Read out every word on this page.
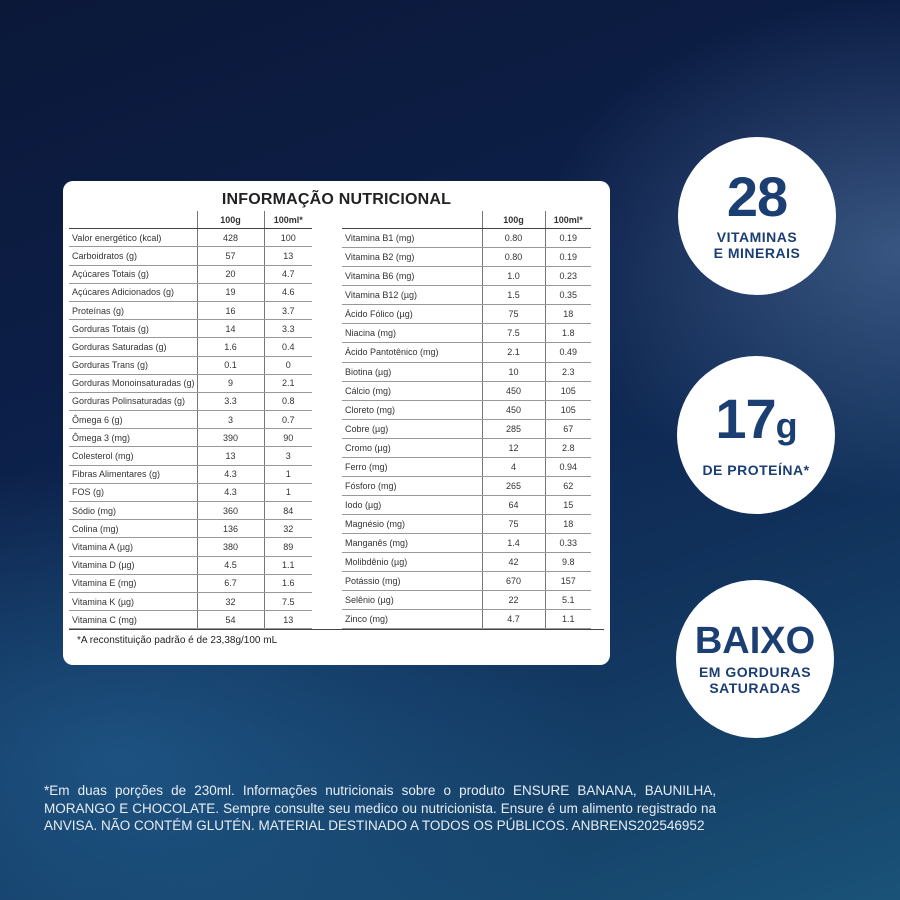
INFORMAÇÃO NUTRICIONAL
	100g	100ml*
Valor energético (kcal)	428	100
Carboidratos (g)	57	13
Açúcares Totais (g)	20	4.7
Açúcares Adicionados (g)	19	4.6
Proteínas (g)	16	3.7
Gorduras Totais (g)	14	3.3
Gorduras Saturadas (g)	1.6	0.4
Gorduras Trans (g)	0.1	0
Gorduras Monoinsaturadas (g)	9	2.1
Gorduras Polinsaturadas (g)	3.3	0.8
Ômega 6 (g)	3	0.7
Ômega 3 (mg)	390	90
Colesterol (mg)	13	3
Fibras Alimentares (g)	4.3	1
FOS (g)	4.3	1
Sódio (mg)	360	84
Colina (mg)	136	32
Vitamina A (µg)	380	89
Vitamina D (µg)	4.5	1.1
Vitamina E (mg)	6.7	1.6
Vitamina K (µg)	32	7.5
Vitamina C (mg)	54	13
	100g	100ml*
Vitamina B1 (mg)	0.80	0.19
Vitamina B2 (mg)	0.80	0.19
Vitamina B6 (mg)	1.0	0.23
Vitamina B12 (µg)	1.5	0.35
Ácido Fólico (µg)	75	18
Niacina (mg)	7.5	1.8
Ácido Pantotênico (mg)	2.1	0.49
Biotina (µg)	10	2.3
Cálcio (mg)	450	105
Cloreto (mg)	450	105
Cobre (µg)	285	67
Cromo (µg)	12	2.8
Ferro (mg)	4	0.94
Fósforo (mg)	265	62
Iodo (µg)	64	15
Magnésio (mg)	75	18
Manganês (mg)	1.4	0.33
Molibdênio (µg)	42	9.8
Potássio (mg)	670	157
Selênio (µg)	22	5.1
Zinco (mg)	4.7	1.1
*A reconstituição padrão é de 23,38g/100 mL
28
VITAMINAS
E MINERAIS
17g
DE PROTEÍNA*
BAIXO
EM GORDURAS
SATURADAS
*Em duas porções de 230ml. Informações nutricionais sobre o produto ENSURE BANANA, BAUNILHA, MORANGO E CHOCOLATE. Sempre consulte seu medico ou nutricionista. Ensure é um alimento registrado na ANVISA. NÃO CONTÉM GLUTÉN. MATERIAL DESTINADO A TODOS OS PÚBLICOS. ANBRENS202546952
